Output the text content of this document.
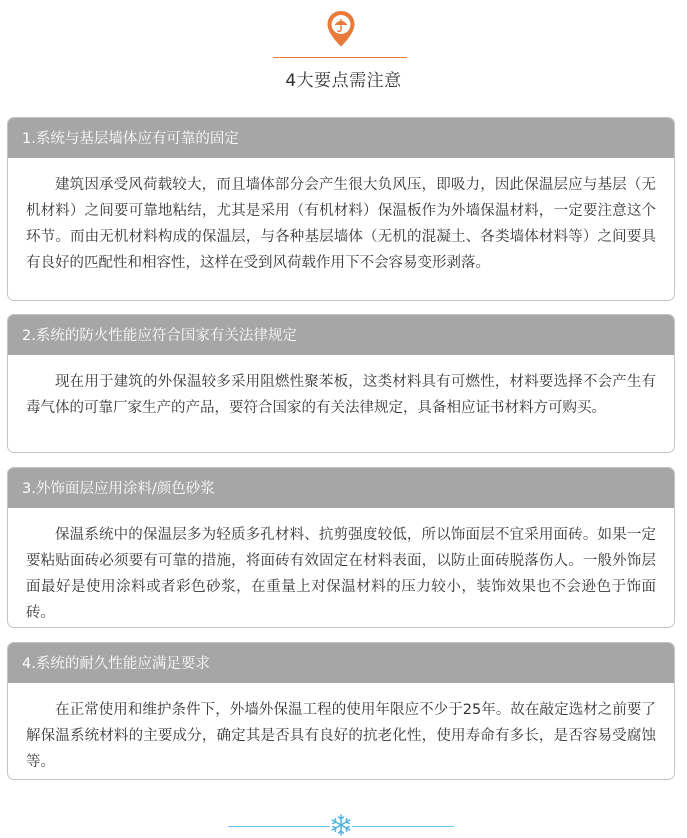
4大要点需注意
1.系统与基层墙体应有可靠的固定
建筑因承受风荷载较大，而且墙体部分会产生很大负风压，即吸力，因此保温层应与基层（无机材料）之间要可靠地粘结，尤其是采用（有机材料）保温板作为外墙保温材料，一定要注意这个环节。而由无机材料构成的保温层，与各种基层墙体（无机的混凝土、各类墙体材料等）之间要具有良好的匹配性和相容性，这样在受到风荷载作用下不会容易变形剥落。
2.系统的防火性能应符合国家有关法律规定
现在用于建筑的外保温较多采用阻燃性聚苯板，这类材料具有可燃性，材料要选择不会产生有毒气体的可靠厂家生产的产品，要符合国家的有关法律规定，具备相应证书材料方可购买。
3.外饰面层应用涂料/颜色砂浆
保温系统中的保温层多为轻质多孔材料、抗剪强度较低，所以饰面层不宜采用面砖。如果一定要粘贴面砖必须要有可靠的措施，将面砖有效固定在材料表面，以防止面砖脱落伤人。一般外饰层面最好是使用涂料或者彩色砂浆，在重量上对保温材料的压力较小，装饰效果也不会逊色于饰面砖。
4.系统的耐久性能应满足要求
在正常使用和维护条件下，外墙外保温工程的使用年限应不少于25年。故在敲定选材之前要了解保温系统材料的主要成分，确定其是否具有良好的抗老化性，使用寿命有多长，是否容易受腐蚀等。
